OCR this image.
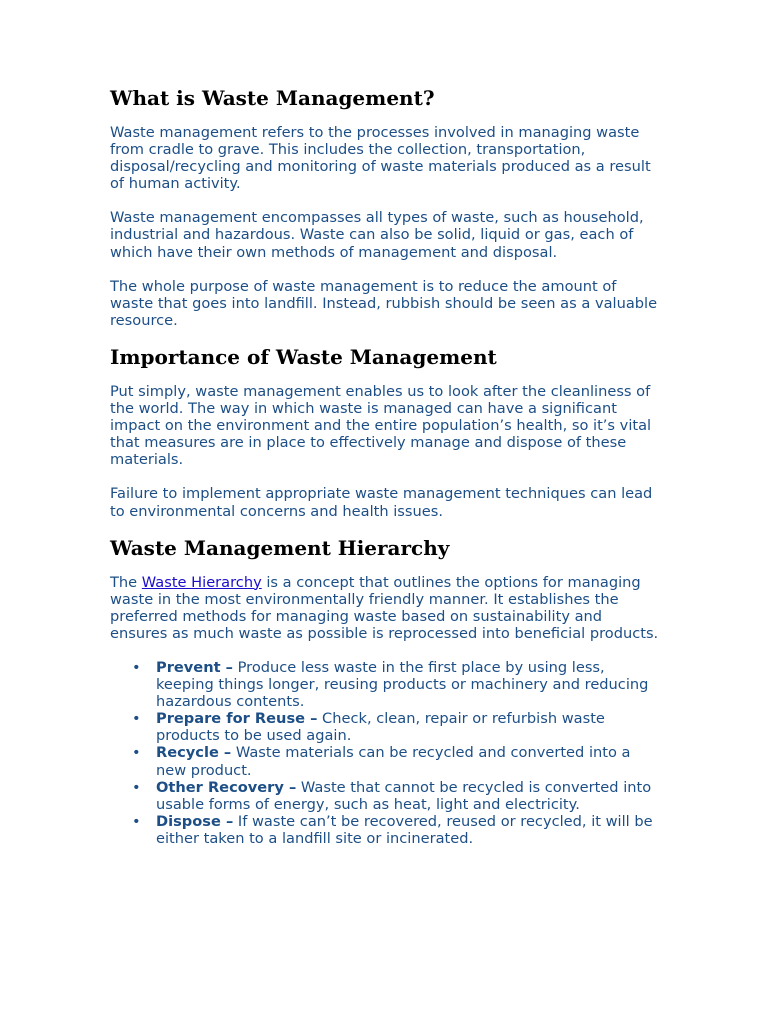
What is Waste Management?

Waste management refers to the processes involved in managing waste from cradle to grave. This includes the collection, transportation, disposal/recycling and monitoring of waste materials produced as a result of human activity.

Waste management encompasses all types of waste, such as household, industrial and hazardous. Waste can also be solid, liquid or gas, each of which have their own methods of management and disposal.

The whole purpose of waste management is to reduce the amount of waste that goes into landfill. Instead, rubbish should be seen as a valuable resource.

Importance of Waste Management

Put simply, waste management enables us to look after the cleanliness of the world. The way in which waste is managed can have a significant impact on the environment and the entire population’s health, so it’s vital that measures are in place to effectively manage and dispose of these materials.

Failure to implement appropriate waste management techniques can lead to environmental concerns and health issues.

Waste Management Hierarchy

The Waste Hierarchy is a concept that outlines the options for managing waste in the most environmentally friendly manner. It establishes the preferred methods for managing waste based on sustainability and ensures as much waste as possible is reprocessed into beneficial products.

• Prevent – Produce less waste in the first place by using less, keeping things longer, reusing products or machinery and reducing hazardous contents.
• Prepare for Reuse – Check, clean, repair or refurbish waste products to be used again.
• Recycle – Waste materials can be recycled and converted into a new product.
• Other Recovery – Waste that cannot be recycled is converted into usable forms of energy, such as heat, light and electricity.
• Dispose – If waste can’t be recovered, reused or recycled, it will be either taken to a landfill site or incinerated.
